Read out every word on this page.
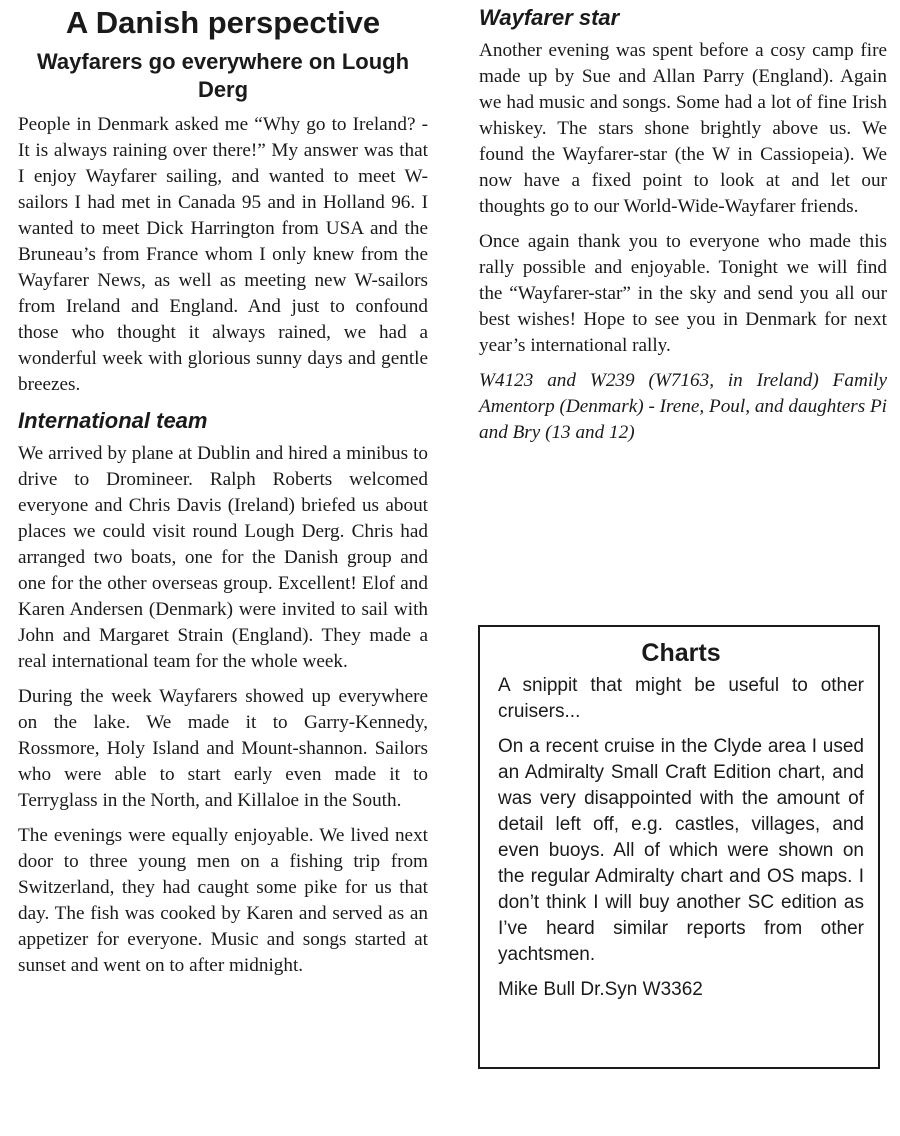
A Danish perspective
Wayfarers go everywhere on Lough Derg

People in Denmark asked me “Why go to Ireland? - It is always raining over there!” My answer was that I enjoy Wayfarer sailing, and wanted to meet W-sailors I had met in Canada 95 and in Holland 96. I wanted to meet Dick Harrington from USA and the Bruneau’s from France whom I only knew from the Wayfarer News, as well as meeting new W-sailors from Ireland and England. And just to confound those who thought it always rained, we had a wonderful week with glorious sunny days and gentle breezes.

International team

We arrived by plane at Dublin and hired a minibus to drive to Dromineer. Ralph Roberts welcomed everyone and Chris Davis (Ireland) briefed us about places we could visit round Lough Derg. Chris had arranged two boats, one for the Danish group and one for the other overseas group. Excellent! Elof and Karen Andersen (Denmark) were invited to sail with John and Margaret Strain (England). They made a real international team for the whole week.

During the week Wayfarers showed up everywhere on the lake. We made it to Garry-Kennedy, Rossmore, Holy Island and Mount-shannon. Sailors who were able to start early even made it to Terryglass in the North, and Killaloe in the South.

The evenings were equally enjoyable. We lived next door to three young men on a fishing trip from Switzerland, they had caught some pike for us that day. The fish was cooked by Karen and served as an appetizer for everyone. Music and songs started at sunset and went on to after midnight.

Wayfarer star

Another evening was spent before a cosy camp fire made up by Sue and Allan Parry (England). Again we had music and songs. Some had a lot of fine Irish whiskey. The stars shone brightly above us. We found the Wayfarer-star (the W in Cassiopeia). We now have a fixed point to look at and let our thoughts go to our World-Wide-Wayfarer friends.

Once again thank you to everyone who made this rally possible and enjoyable. Tonight we will find the “Wayfarer-star” in the sky and send you all our best wishes! Hope to see you in Denmark for next year’s international rally.

W4123 and W239 (W7163, in Ireland) Family Amentorp (Denmark) - Irene, Poul, and daughters Pi and Bry (13 and 12)

Charts

A snippit that might be useful to other cruisers...

On a recent cruise in the Clyde area I used an Admiralty Small Craft Edition chart, and was very disappointed with the amount of detail left off, e.g. castles, villages, and even buoys. All of which were shown on the regular Admiralty chart and OS maps. I don’t think I will buy another SC edition as I’ve heard similar reports from other yachtsmen.

Mike Bull Dr.Syn W3362
